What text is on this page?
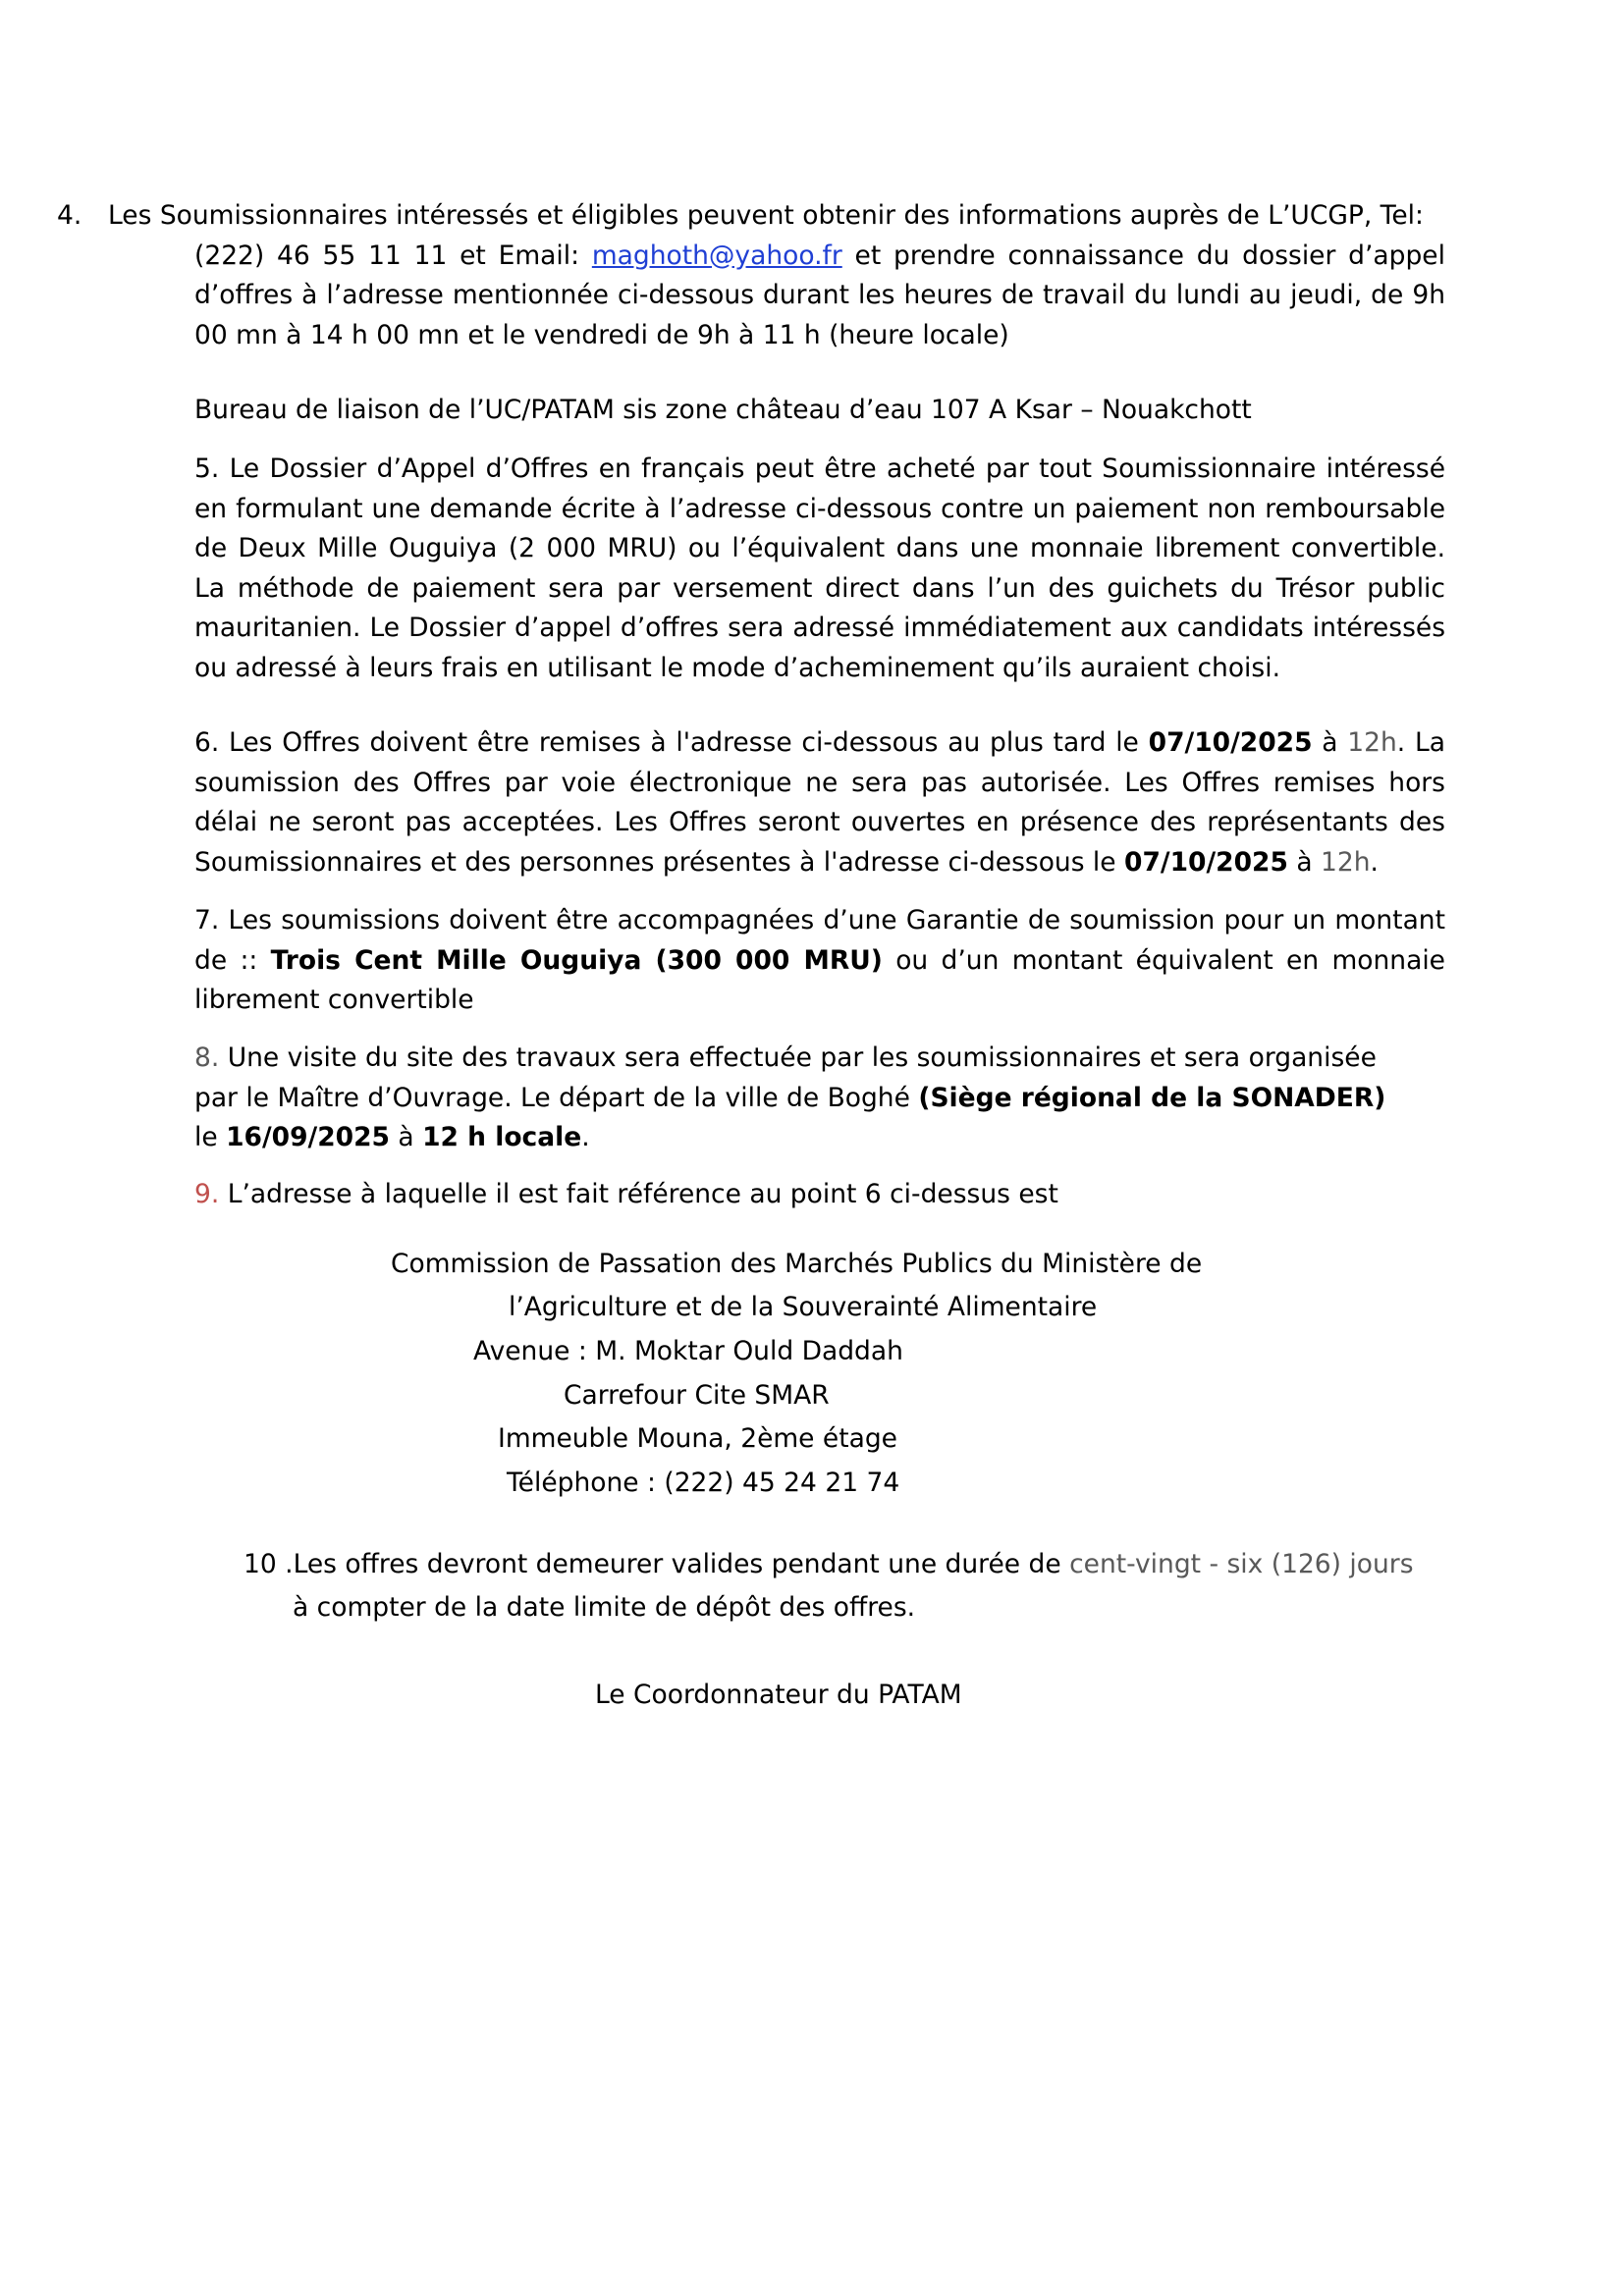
4. Les Soumissionnaires intéressés et éligibles peuvent obtenir des informations auprès de L’UCGP, Tel:

(222) 46 55 11 11 et Email: maghoth@yahoo.fr et prendre connaissance du dossier d’appel

d’offres à l’adresse mentionnée ci-dessous durant les heures de travail du lundi au jeudi, de 9h 00 mn à 14 h 00 mn et le vendredi de 9h à 11 h (heure locale)

Bureau de liaison de l’UC/PATAM sis zone château d’eau 107 A Ksar – Nouakchott

5. Le Dossier d’Appel d’Offres en français peut être acheté par tout Soumissionnaire intéressé en formulant une demande écrite à l’adresse ci-dessous contre un paiement non remboursable de Deux Mille Ouguiya (2 000 MRU) ou l’équivalent dans une monnaie librement convertible. La méthode de paiement sera par versement direct dans l’un des guichets du Trésor public mauritanien. Le Dossier d’appel d’offres sera adressé immédiatement aux candidats intéressés ou adressé à leurs frais en utilisant le mode d’acheminement qu’ils auraient choisi.

6. Les Offres doivent être remises à l'adresse ci-dessous au plus tard le 07/10/2025 à 12h. La soumission des Offres par voie électronique ne sera pas autorisée. Les Offres remises hors délai ne seront pas acceptées. Les Offres seront ouvertes en présence des représentants des Soumissionnaires et des personnes présentes à l'adresse ci-dessous le 07/10/2025 à 12h.

7. Les soumissions doivent être accompagnées d’une Garantie de soumission pour un montant de :: Trois Cent Mille Ouguiya (300 000 MRU) ou d’un montant équivalent en monnaie librement convertible

8. Une visite du site des travaux sera effectuée par les soumissionnaires et sera organisée par le Maître d’Ouvrage. Le départ de la ville de Boghé (Siège régional de la SONADER) le 16/09/2025 à 12 h locale.

9. L’adresse à laquelle il est fait référence au point 6 ci-dessus est

Commission de Passation des Marchés Publics du Ministère de
l’Agriculture et de la Souverainté Alimentaire
Avenue : M. Moktar Ould Daddah
Carrefour Cite SMAR
Immeuble Mouna, 2ème étage
Téléphone : (222) 45 24 21 74
10 .Les offres devront demeurer valides pendant une durée de cent-vingt - six (126) jours
à compter de la date limite de dépôt des offres.
Le Coordonnateur du PATAM
